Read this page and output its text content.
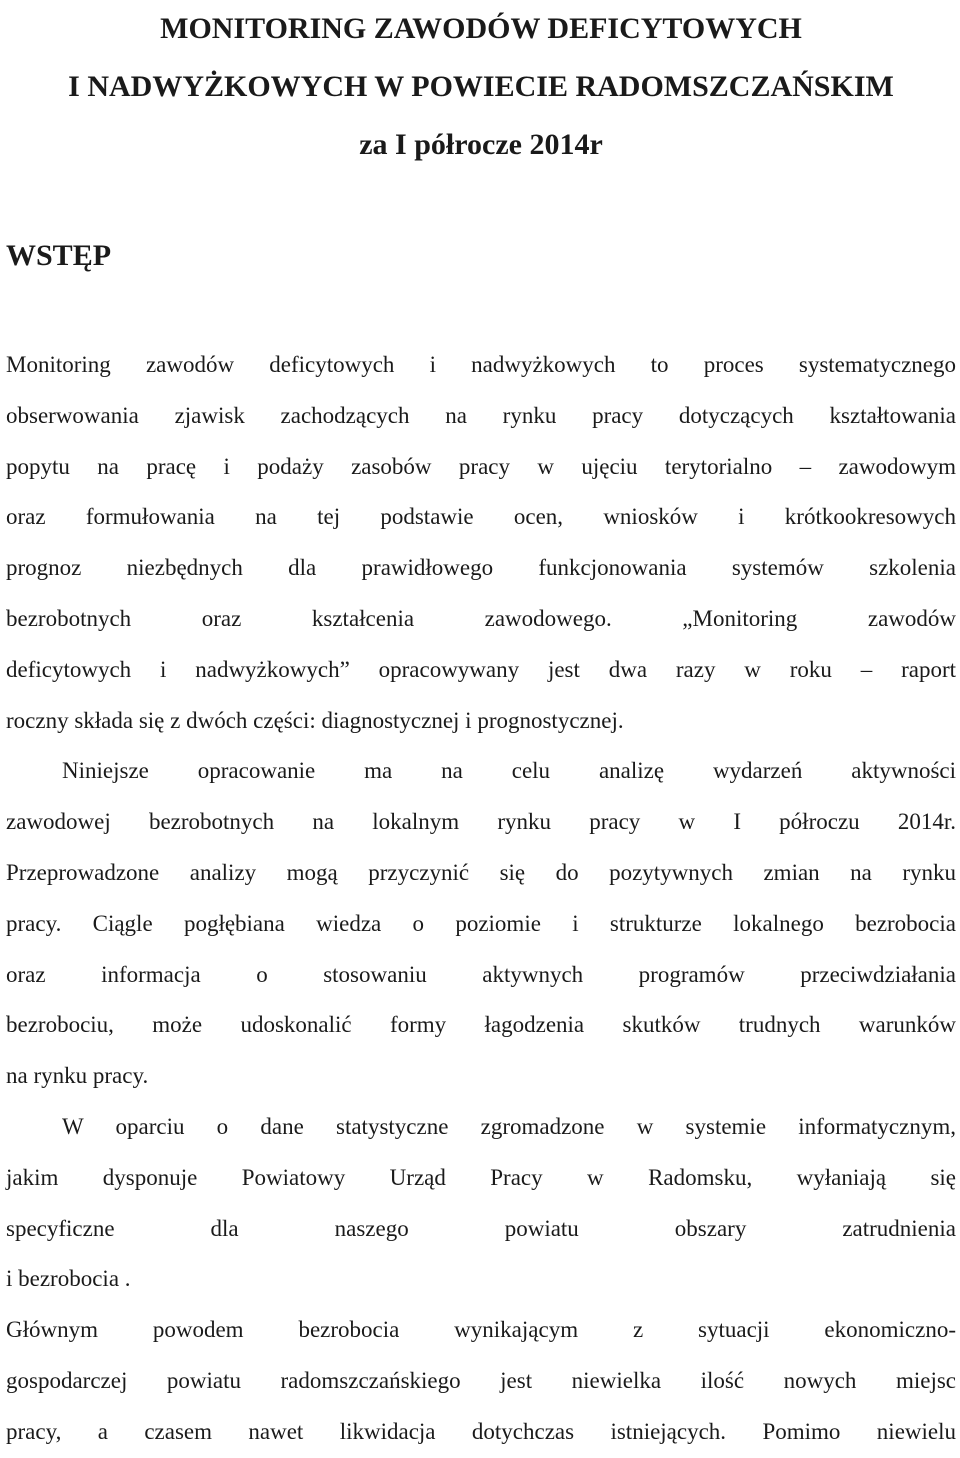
MONITORING ZAWODÓW DEFICYTOWYCH

I NADWYŻKOWYCH W POWIECIE RADOMSZCZAŃSKIM

za I półrocze 2014r

WSTĘP

Monitoring zawodów deficytowych i nadwyżkowych to proces systematycznego
obserwowania zjawisk zachodzących na rynku pracy dotyczących kształtowania
popytu na pracę i podaży zasobów pracy w ujęciu terytorialno – zawodowym
oraz formułowania na tej podstawie ocen, wniosków i krótkookresowych
prognoz niezbędnych dla prawidłowego funkcjonowania systemów szkolenia
bezrobotnych oraz kształcenia zawodowego. „Monitoring zawodów
deficytowych i nadwyżkowych” opracowywany jest dwa razy w roku – raport
roczny składa się z dwóch części: diagnostycznej i prognostycznej.

Niniejsze opracowanie ma na celu analizę wydarzeń aktywności
zawodowej bezrobotnych na lokalnym rynku pracy w I półroczu 2014r.
Przeprowadzone analizy mogą przyczynić się do pozytywnych zmian na rynku
pracy. Ciągle pogłębiana wiedza o poziomie i strukturze lokalnego bezrobocia
oraz informacja o stosowaniu aktywnych programów przeciwdziałania
bezrobociu, może udoskonalić formy łagodzenia skutków trudnych warunków
na rynku pracy.

W oparciu o dane statystyczne zgromadzone w systemie informatycznym,
jakim dysponuje Powiatowy Urząd Pracy w Radomsku, wyłaniają się
specyficzne dla naszego powiatu obszary zatrudnienia
i bezrobocia .

Głównym powodem bezrobocia wynikającym z sytuacji ekonomiczno-
gospodarczej powiatu radomszczańskiego jest niewielka ilość nowych miejsc
pracy, a czasem nawet likwidacja dotychczas istniejących. Pomimo niewielu
